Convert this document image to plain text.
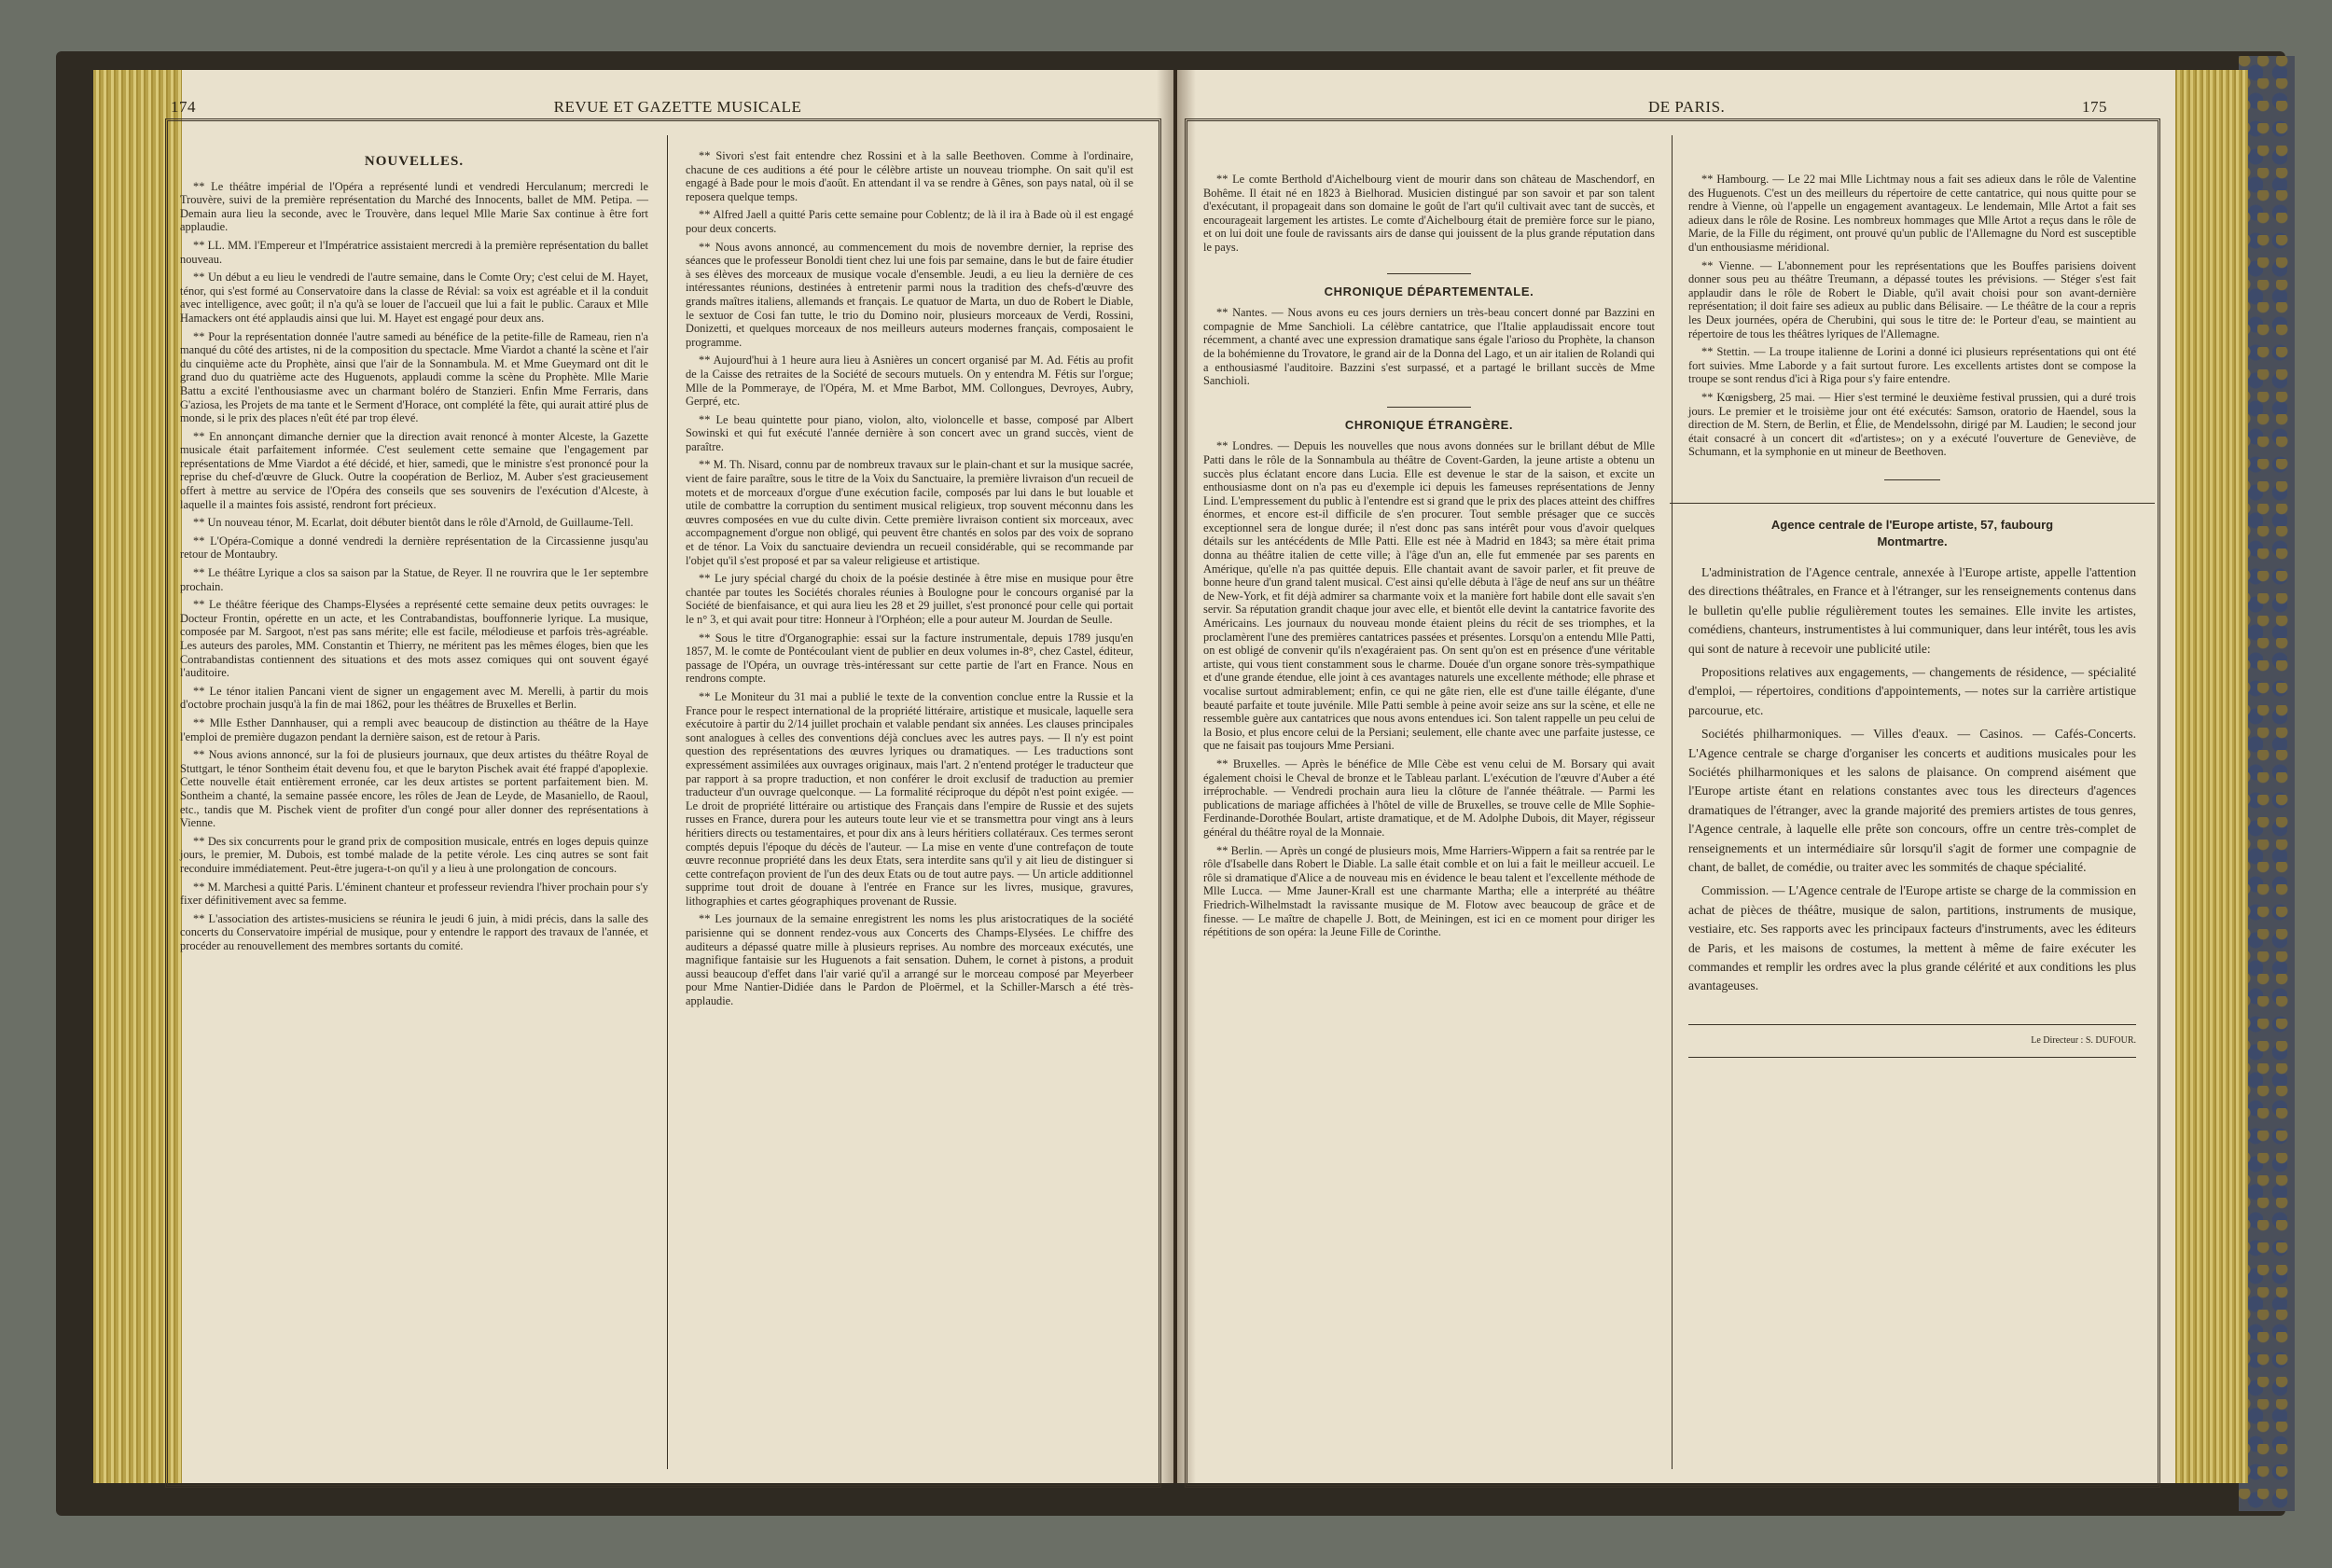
174	REVUE ET GAZETTE MUSICALE
NOUVELLES.

** Le théâtre impérial de l'Opéra a représenté lundi et vendredi Herculanum; mercredi le Trouvère, suivi de la première représentation du Marché des Innocents, ballet de MM. Petipa. — Demain aura lieu la seconde, avec le Trouvère, dans lequel Mlle Marie Sax continue à être fort applaudie.

** LL. MM. l'Empereur et l'Impératrice assistaient mercredi à la première représentation du ballet nouveau.

** Un début a eu lieu le vendredi de l'autre semaine, dans le Comte Ory; c'est celui de M. Hayet, ténor, qui s'est formé au Conservatoire dans la classe de Révial: sa voix est agréable et il la conduit avec intelligence, avec goût; il n'a qu'à se louer de l'accueil que lui a fait le public. Caraux et Mlle Hamackers ont été applaudis ainsi que lui. M. Hayet est engagé pour deux ans.

** Pour la représentation donnée l'autre samedi au bénéfice de la petite-fille de Rameau, rien n'a manqué du côté des artistes, ni de la composition du spectacle. Mme Viardot a chanté la scène et l'air du cinquième acte du Prophète, ainsi que l'air de la Sonnambula. M. et Mme Gueymard ont dit le grand duo du quatrième acte des Huguenots, applaudi comme la scène du Prophète. Mlle Marie Battu a excité l'enthousiasme avec un charmant boléro de Stanzieri. Enfin Mme Ferraris, dans G'aziosa, les Projets de ma tante et le Serment d'Horace, ont complété la fête, qui aurait attiré plus de monde, si le prix des places n'eût été par trop élevé.

** En annonçant dimanche dernier que la direction avait renoncé à monter Alceste, la Gazette musicale était parfaitement informée. C'est seulement cette semaine que l'engagement par représentations de Mme Viardot a été décidé, et hier, samedi, que le ministre s'est prononcé pour la reprise du chef-d'œuvre de Gluck. Outre la coopération de Berlioz, M. Auber s'est gracieusement offert à mettre au service de l'Opéra des conseils que ses souvenirs de l'exécution d'Alceste, à laquelle il a maintes fois assisté, rendront fort précieux.

** Un nouveau ténor, M. Ecarlat, doit débuter bientôt dans le rôle d'Arnold, de Guillaume-Tell.

** L'Opéra-Comique a donné vendredi la dernière représentation de la Circassienne jusqu'au retour de Montaubry.

** Le théâtre Lyrique a clos sa saison par la Statue, de Reyer. Il ne rouvrira que le 1er septembre prochain.

** Le théâtre féerique des Champs-Elysées a représenté cette semaine deux petits ouvrages: le Docteur Frontin, opérette en un acte, et les Contrabandistas, bouffonnerie lyrique. La musique, composée par M. Sargoot, n'est pas sans mérite; elle est facile, mélodieuse et parfois très-agréable. Les auteurs des paroles, MM. Constantin et Thierry, ne méritent pas les mêmes éloges, bien que les Contrabandistas contiennent des situations et des mots assez comiques qui ont souvent égayé l'auditoire.

** Le ténor italien Pancani vient de signer un engagement avec M. Merelli, à partir du mois d'octobre prochain jusqu'à la fin de mai 1862, pour les théâtres de Bruxelles et Berlin.

** Mlle Esther Dannhauser, qui a rempli avec beaucoup de distinction au théâtre de la Haye l'emploi de première dugazon pendant la dernière saison, est de retour à Paris.

** Nous avions annoncé, sur la foi de plusieurs journaux, que deux artistes du théâtre Royal de Stuttgart, le ténor Sontheim était devenu fou, et que le baryton Pischek avait été frappé d'apoplexie. Cette nouvelle était entièrement erronée, car les deux artistes se portent parfaitement bien. M. Sontheim a chanté, la semaine passée encore, les rôles de Jean de Leyde, de Masaniello, de Raoul, etc., tandis que M. Pischek vient de profiter d'un congé pour aller donner des représentations à Vienne.

** Des six concurrents pour le grand prix de composition musicale, entrés en loges depuis quinze jours, le premier, M. Dubois, est tombé malade de la petite vérole. Les cinq autres se sont fait reconduire immédiatement. Peut-être jugera-t-on qu'il y a lieu à une prolongation de concours.

** M. Marchesi a quitté Paris. L'éminent chanteur et professeur reviendra l'hiver prochain pour s'y fixer définitivement avec sa femme.

** L'association des artistes-musiciens se réunira le jeudi 6 juin, à midi précis, dans la salle des concerts du Conservatoire impérial de musique, pour y entendre le rapport des travaux de l'année, et procéder au renouvellement des membres sortants du comité.

** Sivori s'est fait entendre chez Rossini et à la salle Beethoven. Comme à l'ordinaire, chacune de ces auditions a été pour le célèbre artiste un nouveau triomphe. On sait qu'il est engagé à Bade pour le mois d'août. En attendant il va se rendre à Gênes, son pays natal, où il se reposera quelque temps.

** Alfred Jaell a quitté Paris cette semaine pour Coblentz; de là il ira à Bade où il est engagé pour deux concerts.

** Nous avons annoncé, au commencement du mois de novembre dernier, la reprise des séances que le professeur Bonoldi tient chez lui une fois par semaine, dans le but de faire étudier à ses élèves des morceaux de musique vocale d'ensemble. Jeudi, a eu lieu la dernière de ces intéressantes réunions, destinées à entretenir parmi nous la tradition des chefs-d'œuvre des grands maîtres italiens, allemands et français. Le quatuor de Marta, un duo de Robert le Diable, le sextuor de Cosi fan tutte, le trio du Domino noir, plusieurs morceaux de Verdi, Rossini, Donizetti, et quelques morceaux de nos meilleurs auteurs modernes français, composaient le programme.

** Aujourd'hui à 1 heure aura lieu à Asnières un concert organisé par M. Ad. Fétis au profit de la Caisse des retraites de la Société de secours mutuels. On y entendra M. Fétis sur l'orgue; Mlle de la Pommeraye, de l'Opéra, M. et Mme Barbot, MM. Collongues, Devroyes, Aubry, Gerpré, etc.

** Le beau quintette pour piano, violon, alto, violoncelle et basse, composé par Albert Sowinski et qui fut exécuté l'année dernière à son concert avec un grand succès, vient de paraître.

** M. Th. Nisard, connu par de nombreux travaux sur le plain-chant et sur la musique sacrée, vient de faire paraître, sous le titre de la Voix du Sanctuaire, la première livraison d'un recueil de motets et de morceaux d'orgue d'une exécution facile, composés par lui dans le but louable et utile de combattre la corruption du sentiment musical religieux, trop souvent méconnu dans les œuvres composées en vue du culte divin. Cette première livraison contient six morceaux, avec accompagnement d'orgue non obligé, qui peuvent être chantés en solos par des voix de soprano et de ténor. La Voix du sanctuaire deviendra un recueil considérable, qui se recommande par l'objet qu'il s'est proposé et par sa valeur religieuse et artistique.

** Le jury spécial chargé du choix de la poésie destinée à être mise en musique pour être chantée par toutes les Sociétés chorales réunies à Boulogne pour le concours organisé par la Société de bienfaisance, et qui aura lieu les 28 et 29 juillet, s'est prononcé pour celle qui portait le n° 3, et qui avait pour titre: Honneur à l'Orphéon; elle a pour auteur M. Jourdan de Seulle.

** Sous le titre d'Organographie: essai sur la facture instrumentale, depuis 1789 jusqu'en 1857, M. le comte de Pontécoulant vient de publier en deux volumes in-8°, chez Castel, éditeur, passage de l'Opéra, un ouvrage très-intéressant sur cette partie de l'art en France. Nous en rendrons compte.

** Le Moniteur du 31 mai a publié le texte de la convention conclue entre la Russie et la France pour le respect international de la propriété littéraire, artistique et musicale, laquelle sera exécutoire à partir du 2/14 juillet prochain et valable pendant six années. Les clauses principales sont analogues à celles des conventions déjà conclues avec les autres pays. — Il n'y est point question des représentations des œuvres lyriques ou dramatiques. — Les traductions sont expressément assimilées aux ouvrages originaux, mais l'art. 2 n'entend protéger le traducteur que par rapport à sa propre traduction, et non conférer le droit exclusif de traduction au premier traducteur d'un ouvrage quelconque. — La formalité réciproque du dépôt n'est point exigée. — Le droit de propriété littéraire ou artistique des Français dans l'empire de Russie et des sujets russes en France, durera pour les auteurs toute leur vie et se transmettra pour vingt ans à leurs héritiers directs ou testamentaires, et pour dix ans à leurs héritiers collatéraux. Ces termes seront comptés depuis l'époque du décès de l'auteur. — La mise en vente d'une contrefaçon de toute œuvre reconnue propriété dans les deux Etats, sera interdite sans qu'il y ait lieu de distinguer si cette contrefaçon provient de l'un des deux Etats ou de tout autre pays. — Un article additionnel supprime tout droit de douane à l'entrée en France sur les livres, musique, gravures, lithographies et cartes géographiques provenant de Russie.

** Les journaux de la semaine enregistrent les noms les plus aristocratiques de la société parisienne qui se donnent rendez-vous aux Concerts des Champs-Elysées. Le chiffre des auditeurs a dépassé quatre mille à plusieurs reprises. Au nombre des morceaux exécutés, une magnifique fantaisie sur les Huguenots a fait sensation. Duhem, le cornet à pistons, a produit aussi beaucoup d'effet dans l'air varié qu'il a arrangé sur le morceau composé par Meyerbeer pour Mme Nantier-Didiée dans le Pardon de Ploërmel, et la Schiller-Marsch a été très-applaudie.

DE PARIS.	175

** Le comte Berthold d'Aichelbourg vient de mourir dans son château de Maschendorf, en Bohême. Il était né en 1823 à Bielhorad. Musicien distingué par son savoir et par son talent d'exécutant, il propageait dans son domaine le goût de l'art qu'il cultivait avec tant de succès, et encourageait largement les artistes. Le comte d'Aichelbourg était de première force sur le piano, et on lui doit une foule de ravissants airs de danse qui jouissent de la plus grande réputation dans le pays.

CHRONIQUE DÉPARTEMENTALE.

** Nantes. — Nous avons eu ces jours derniers un très-beau concert donné par Bazzini en compagnie de Mme Sanchioli. La célèbre cantatrice, que l'Italie applaudissait encore tout récemment, a chanté avec une expression dramatique sans égale l'arioso du Prophète, la chanson de la bohémienne du Trovatore, le grand air de la Donna del Lago, et un air italien de Rolandi qui a enthousiasmé l'auditoire. Bazzini s'est surpassé, et a partagé le brillant succès de Mme Sanchioli.

CHRONIQUE ÉTRANGÈRE.

** Londres. — Depuis les nouvelles que nous avons données sur le brillant début de Mlle Patti dans le rôle de la Sonnambula au théâtre de Covent-Garden, la jeune artiste a obtenu un succès plus éclatant encore dans Lucia. Elle est devenue le star de la saison, et excite un enthousiasme dont on n'a pas eu d'exemple ici depuis les fameuses représentations de Jenny Lind. L'empressement du public à l'entendre est si grand que le prix des places atteint des chiffres énormes, et encore est-il difficile de s'en procurer. Tout semble présager que ce succès exceptionnel sera de longue durée; il n'est donc pas sans intérêt pour vous d'avoir quelques détails sur les antécédents de Mlle Patti. Elle est née à Madrid en 1843; sa mère était prima donna au théâtre italien de cette ville; à l'âge d'un an, elle fut emmenée par ses parents en Amérique, qu'elle n'a pas quittée depuis. Elle chantait avant de savoir parler, et fit preuve de bonne heure d'un grand talent musical. C'est ainsi qu'elle débuta à l'âge de neuf ans sur un théâtre de New-York, et fit déjà admirer sa charmante voix et la manière fort habile dont elle savait s'en servir. Sa réputation grandit chaque jour avec elle, et bientôt elle devint la cantatrice favorite des Américains. Les journaux du nouveau monde étaient pleins du récit de ses triomphes, et la proclamèrent l'une des premières cantatrices passées et présentes. Lorsqu'on a entendu Mlle Patti, on est obligé de convenir qu'ils n'exagéraient pas. On sent qu'on est en présence d'une véritable artiste, qui vous tient constamment sous le charme. Douée d'un organe sonore très-sympathique et d'une grande étendue, elle joint à ces avantages naturels une excellente méthode; elle phrase et vocalise surtout admirablement; enfin, ce qui ne gâte rien, elle est d'une taille élégante, d'une beauté parfaite et toute juvénile. Mlle Patti semble à peine avoir seize ans sur la scène, et elle ne ressemble guère aux cantatrices que nous avons entendues ici. Son talent rappelle un peu celui de la Bosio, et plus encore celui de la Persiani; seulement, elle chante avec une parfaite justesse, ce que ne faisait pas toujours Mme Persiani.

** Bruxelles. — Après le bénéfice de Mlle Cèbe est venu celui de M. Borsary qui avait également choisi le Cheval de bronze et le Tableau parlant. L'exécution de l'œuvre d'Auber a été irréprochable. — Vendredi prochain aura lieu la clôture de l'année théâtrale. — Parmi les publications de mariage affichées à l'hôtel de ville de Bruxelles, se trouve celle de Mlle Sophie-Ferdinande-Dorothée Boulart, artiste dramatique, et de M. Adolphe Dubois, dit Mayer, régisseur général du théâtre royal de la Monnaie.

** Berlin. — Après un congé de plusieurs mois, Mme Harriers-Wippern a fait sa rentrée par le rôle d'Isabelle dans Robert le Diable. La salle était comble et on lui a fait le meilleur accueil. Le rôle si dramatique d'Alice a de nouveau mis en évidence le beau talent et l'excellente méthode de Mlle Lucca. — Mme Jauner-Krall est une charmante Martha; elle a interprété au théâtre Friedrich-Wilhelmstadt la ravissante musique de M. Flotow avec beaucoup de grâce et de finesse. — Le maître de chapelle J. Bott, de Meiningen, est ici en ce moment pour diriger les répétitions de son opéra: la Jeune Fille de Corinthe.

** Hambourg. — Le 22 mai Mlle Lichtmay nous a fait ses adieux dans le rôle de Valentine des Huguenots. C'est un des meilleurs du répertoire de cette cantatrice, qui nous quitte pour se rendre à Vienne, où l'appelle un engagement avantageux. Le lendemain, Mlle Artot a fait ses adieux dans le rôle de Rosine. Les nombreux hommages que Mlle Artot a reçus dans le rôle de Marie, de la Fille du régiment, ont prouvé qu'un public de l'Allemagne du Nord est susceptible d'un enthousiasme méridional.

** Vienne. — L'abonnement pour les représentations que les Bouffes parisiens doivent donner sous peu au théâtre Treumann, a dépassé toutes les prévisions. — Stéger s'est fait applaudir dans le rôle de Robert le Diable, qu'il avait choisi pour son avant-dernière représentation; il doit faire ses adieux au public dans Bélisaire. — Le théâtre de la cour a repris les Deux journées, opéra de Cherubini, qui sous le titre de: le Porteur d'eau, se maintient au répertoire de tous les théâtres lyriques de l'Allemagne.

** Stettin. — La troupe italienne de Lorini a donné ici plusieurs représentations qui ont été fort suivies. Mme Laborde y a fait surtout furore. Les excellents artistes dont se compose la troupe se sont rendus d'ici à Riga pour s'y faire entendre.

** Kœnigsberg, 25 mai. — Hier s'est terminé le deuxième festival prussien, qui a duré trois jours. Le premier et le troisième jour ont été exécutés: Samson, oratorio de Haendel, sous la direction de M. Stern, de Berlin, et Élie, de Mendelssohn, dirigé par M. Laudien; le second jour était consacré à un concert dit «d'artistes»; on y a exécuté l'ouverture de Geneviève, de Schumann, et la symphonie en ut mineur de Beethoven.

Agence centrale de l'Europe artiste, 57, faubourg
Montmartre.

L'administration de l'Agence centrale, annexée à l'Europe artiste, appelle l'attention des directions théâtrales, en France et à l'étranger, sur les renseignements contenus dans le bulletin qu'elle publie régulièrement toutes les semaines. Elle invite les artistes, comédiens, chanteurs, instrumentistes à lui communiquer, dans leur intérêt, tous les avis qui sont de nature à recevoir une publicité utile:

Propositions relatives aux engagements, — changements de résidence, — spécialité d'emploi, — répertoires, conditions d'appointements, — notes sur la carrière artistique parcourue, etc.

Sociétés philharmoniques. — Villes d'eaux. — Casinos. — Cafés-Concerts. L'Agence centrale se charge d'organiser les concerts et auditions musicales pour les Sociétés philharmoniques et les salons de plaisance. On comprend aisément que l'Europe artiste étant en relations constantes avec tous les directeurs d'agences dramatiques de l'étranger, avec la grande majorité des premiers artistes de tous genres, l'Agence centrale, à laquelle elle prête son concours, offre un centre très-complet de renseignements et un intermédiaire sûr lorsqu'il s'agit de former une compagnie de chant, de ballet, de comédie, ou traiter avec les sommités de chaque spécialité.

Commission. — L'Agence centrale de l'Europe artiste se charge de la commission en achat de pièces de théâtre, musique de salon, partitions, instruments de musique, vestiaire, etc. Ses rapports avec les principaux facteurs d'instruments, avec les éditeurs de Paris, et les maisons de costumes, la mettent à même de faire exécuter les commandes et remplir les ordres avec la plus grande célérité et aux conditions les plus avantageuses.

Le Directeur : S. DUFOUR.
